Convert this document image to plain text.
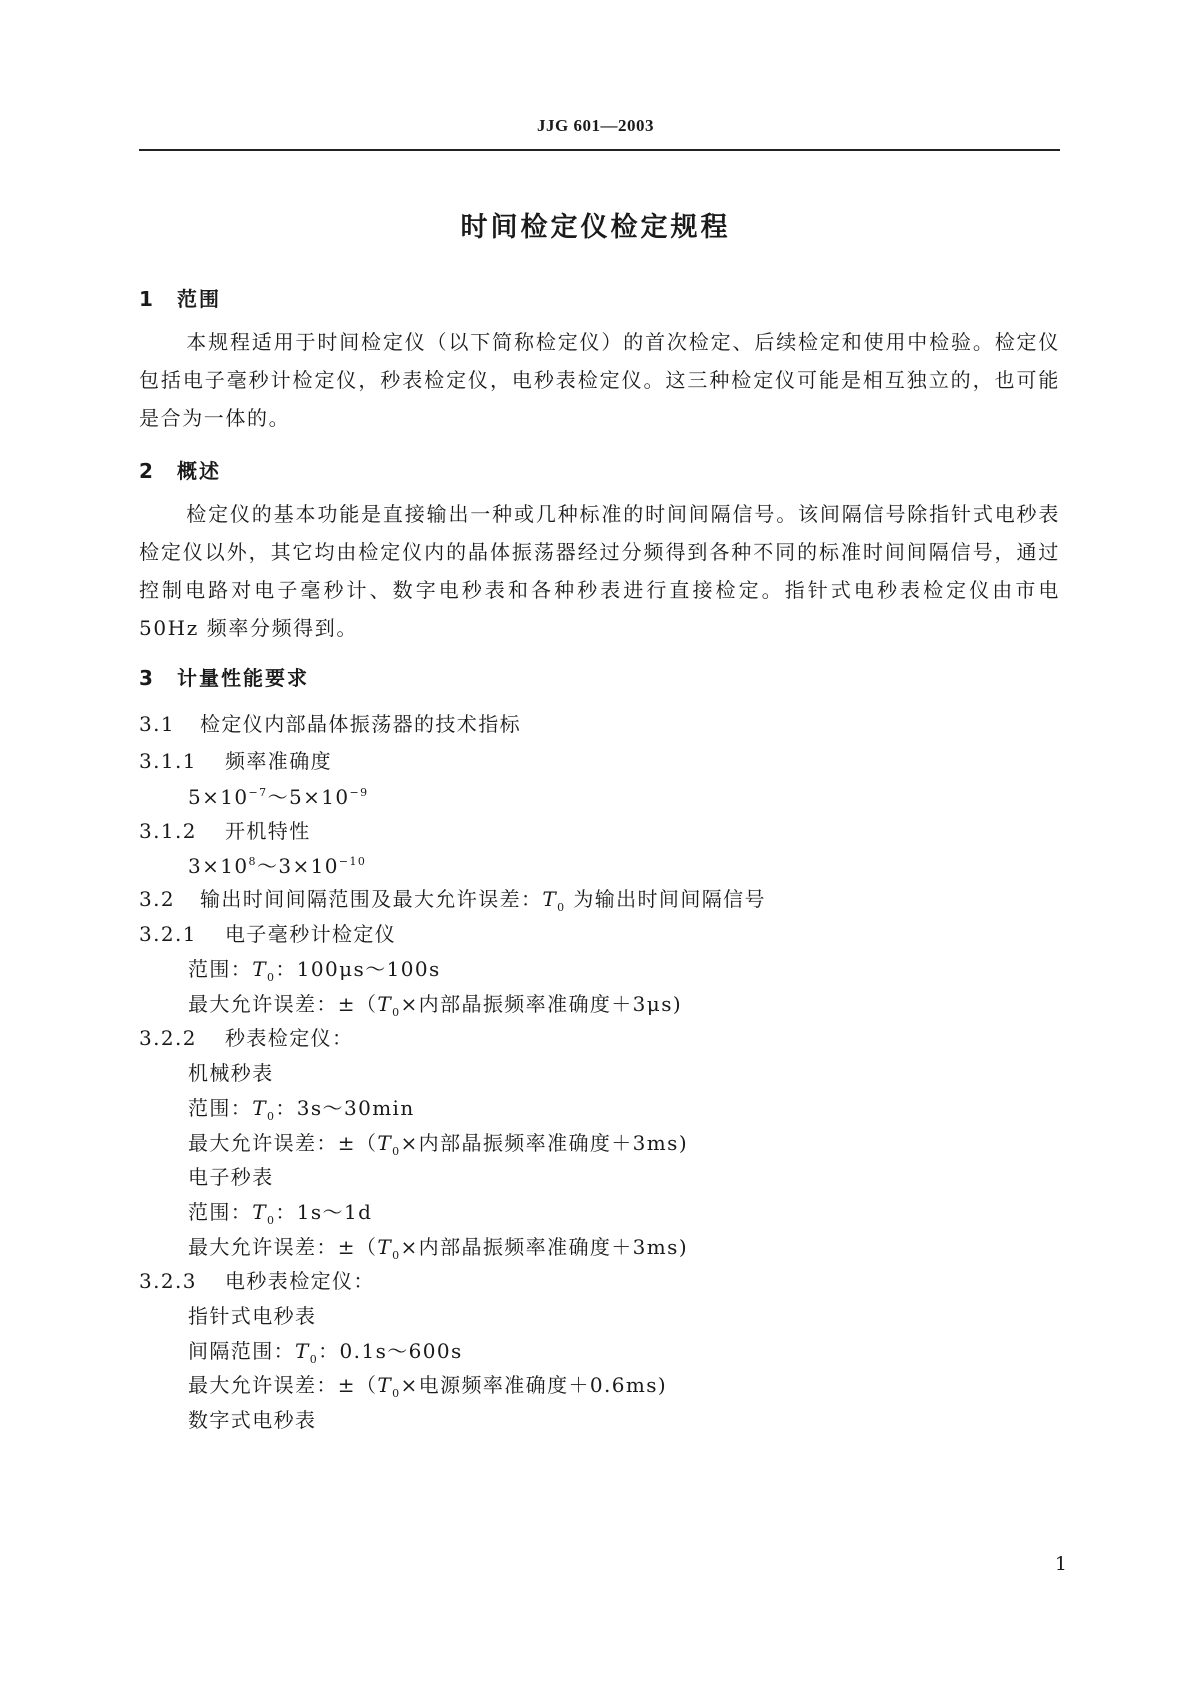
JJG 601—2003
时间检定仪检定规程
1 范围

本规程适用于时间检定仪（以下简称检定仪）的首次检定、后续检定和使用中检验。检定仪包括电子毫秒计检定仪，秒表检定仪，电秒表检定仪。这三种检定仪可能是相互独立的，也可能是合为一体的。

2 概述

检定仪的基本功能是直接输出一种或几种标准的时间间隔信号。该间隔信号除指针式电秒表检定仪以外，其它均由检定仪内的晶体振荡器经过分频得到各种不同的标准时间间隔信号，通过控制电路对电子毫秒计、数字电秒表和各种秒表进行直接检定。指针式电秒表检定仪由市电 50Hz 频率分频得到。

3 计量性能要求
3.1 检定仪内部晶体振荡器的技术指标
3.1.1 频率准确度
$5\times 10^{-7}\sim 5\times 10^{-9}$
3.1.2 开机特性
$3\times 10^8\sim 3\times 10^{-10}$
3.2 输出时间间隔范围及最大允许误差：$T_0$ 为输出时间间隔信号
3.2.1 电子毫秒计检定仪
范围：$T_0$：100μs～100s
最大允许误差：$\pm(T_0\times$内部晶振频率准确度＋3μs)
3.2.2 秒表检定仪：
机械秒表
范围：$T_0$：3s～30min
最大允许误差：$\pm(T_0\times$内部晶振频率准确度＋3ms)
电子秒表
范围：$T_0$：1s～1d
最大允许误差：$\pm(T_0\times$内部晶振频率准确度＋3ms)
3.2.3 电秒表检定仪：
指针式电秒表
间隔范围：$T_0$：0.1s～600s
最大允许误差：$\pm(T_0\times$电源频率准确度＋0.6ms)
数字式电秒表
1
